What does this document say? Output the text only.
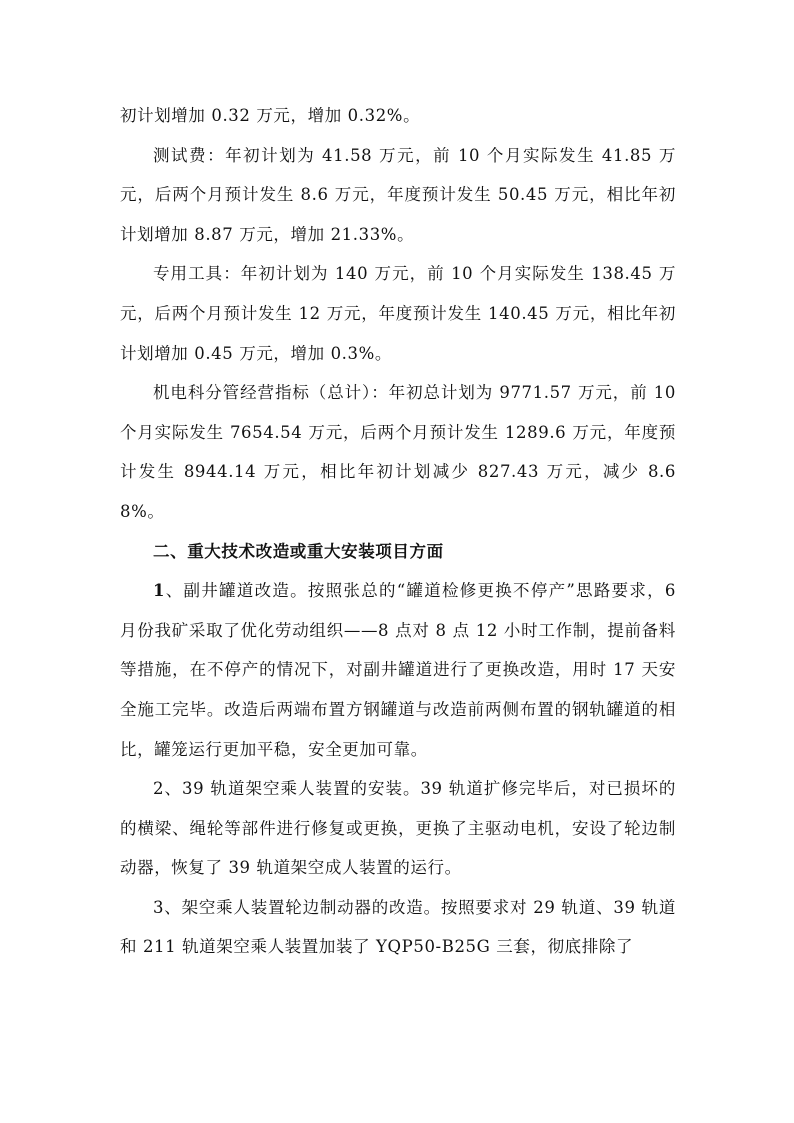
初计划增加 0.32 万元，增加 0.32%。

测试费：年初计划为 41.58 万元，前 10 个月实际发生 41.85 万元，后两个月预计发生 8.6 万元，年度预计发生 50.45 万元，相比年初计划增加 8.87 万元，增加 21.33%。

专用工具：年初计划为 140 万元，前 10 个月实际发生 138.45 万元，后两个月预计发生 12 万元，年度预计发生 140.45 万元，相比年初计划增加 0.45 万元，增加 0.3%。

机电科分管经营指标（总计）：年初总计划为 9771.57 万元，前 10 个月实际发生 7654.54 万元，后两个月预计发生 1289.6 万元，年度预计发生 8944.14 万元，相比年初计划减少 827.43 万元，减少 8.68%。

二、重大技术改造或重大安装项目方面

1、副井罐道改造。按照张总的“罐道检修更换不停产”思路要求，6 月份我矿采取了优化劳动组织——8 点对 8 点 12 小时工作制，提前备料等措施，在不停产的情况下，对副井罐道进行了更换改造，用时 17 天安全施工完毕。改造后两端布置方钢罐道与改造前两侧布置的钢轨罐道的相比，罐笼运行更加平稳，安全更加可靠。

2、39 轨道架空乘人装置的安装。39 轨道扩修完毕后，对已损坏的的横梁、绳轮等部件进行修复或更换，更换了主驱动电机，安设了轮边制动器，恢复了 39 轨道架空成人装置的运行。

3、架空乘人装置轮边制动器的改造。按照要求对 29 轨道、39 轨道和 211 轨道架空乘人装置加装了 YQP50-B25G 三套，彻底排除了
